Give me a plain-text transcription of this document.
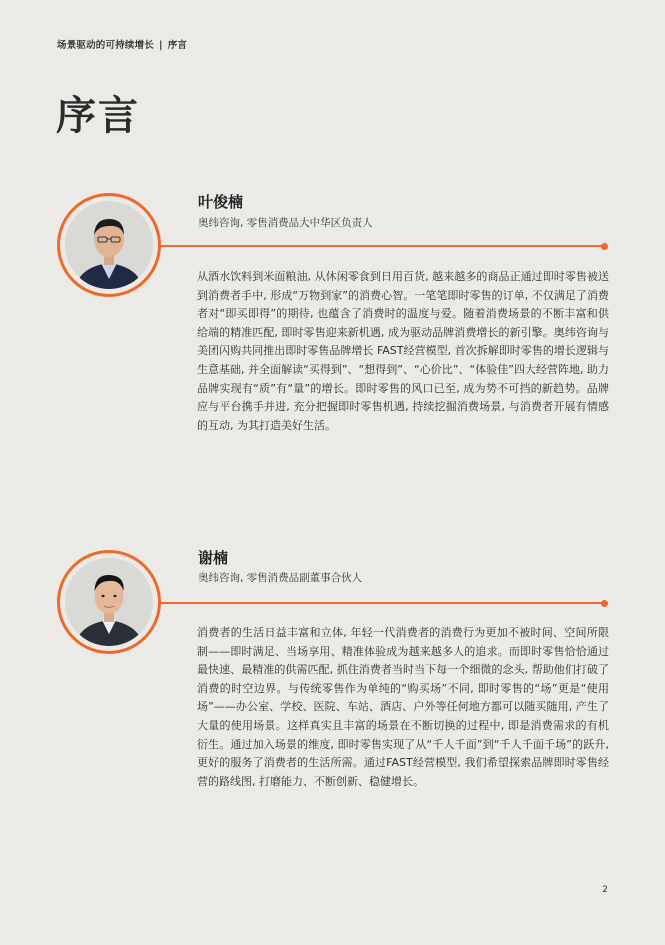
场景驱动的可持续增长 | 序言
序言
叶俊楠
奥纬咨询, 零售消费品大中华区负责人

从酒水饮料到米面粮油, 从休闲零食到日用百货, 越来越多的商品正通过即时零售被送到消费者手中, 形成“万物到家”的消费心智。一笔笔即时零售的订单, 不仅满足了消费者对“即买即得”的期待, 也蕴含了消费时的温度与爱。随着消费场景的不断丰富和供给端的精准匹配, 即时零售迎来新机遇, 成为驱动品牌消费增长的新引擎。奥纬咨询与美团闪购共同推出即时零售品牌增长 FAST经营模型, 首次拆解即时零售的增长逻辑与生意基础, 并全面解读“买得到”、“想得到”、“心价比”、“体验佳”四大经营阵地, 助力品牌实现有“质”有“量”的增长。即时零售的风口已至, 成为势不可挡的新趋势。品牌应与平台携手并进, 充分把握即时零售机遇, 持续挖掘消费场景, 与消费者开展有情感的互动, 为其打造美好生活。

谢楠
奥纬咨询, 零售消费品副董事合伙人

消费者的生活日益丰富和立体, 年轻一代消费者的消费行为更加不被时间、空间所限制——即时满足、当场享用、精准体验成为越来越多人的追求。而即时零售恰恰通过最快速、最精准的供需匹配, 抓住消费者当时当下每一个细微的念头, 帮助他们打破了消费的时空边界。与传统零售作为单纯的“购买场”不同, 即时零售的“场”更是“使用场”——办公室、学校、医院、车站、酒店、户外等任何地方都可以随买随用, 产生了大量的使用场景。这样真实且丰富的场景在不断切换的过程中, 即是消费需求的有机衍生。通过加入场景的维度, 即时零售实现了从“千人千面”到“千人千面千场”的跃升, 更好的服务了消费者的生活所需。通过FAST经营模型, 我们希望探索品牌即时零售经营的路线图, 打磨能力、不断创新、稳健增长。

2
